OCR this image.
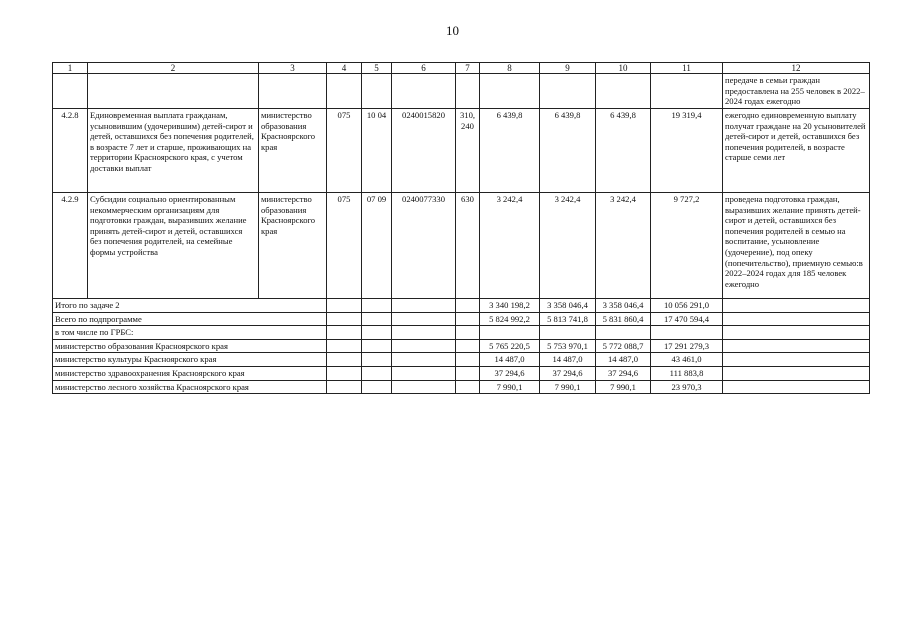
10
1	2	3	4	5	6	7	8	9	10	11	12
											передаче в семьи граждан предоставлена на 255 человек в 2022–2024 годах ежегодно
4.2.8	Единовременная выплата гражданам, усыновившим (удочерившим) детей-сирот и детей, оставшихся без попечения родителей, в возрасте 7 лет и старше, проживающих на территории Красноярского края, с учетом доставки выплат	министерство образования Красноярского края	075	10 04	0240015820	310, 240	6 439,8	6 439,8	6 439,8	19 319,4	ежегодно единовременную выплату получат граждане на 20 усыновителей детей-сирот и детей, оставшихся без попечения родителей, в возрасте старше семи лет
4.2.9	Субсидии социально ориентированным некоммерческим организациям для подготовки граждан, выразивших желание принять детей-сирот и детей, оставшихся без попечения родителей, на семейные формы устройства	министерство образования Красноярского края	075	07 09	0240077330	630	3 242,4	3 242,4	3 242,4	9 727,2	проведена подготовка граждан, выразивших желание принять детей-сирот и детей, оставшихся без попечения родителей в семью на воспитание, усыновление (удочерение), под опеку (попечительство), приемную семью:в 2022–2024 годах для 185 человек ежегодно
Итого по задаче 2							3 340 198,2	3 358 046,4	3 358 046,4	10 056 291,0	
Всего по подпрограмме							5 824 992,2	5 813 741,8	5 831 860,4	17 470 594,4	
в том числе по ГРБС:											
министерство образования Красноярского края							5 765 220,5	5 753 970,1	5 772 088,7	17 291 279,3	
министерство культуры Красноярского края							14 487,0	14 487,0	14 487,0	43 461,0	
министерство здравоохранения Красноярского края							37 294,6	37 294,6	37 294,6	111 883,8	
министерство лесного хозяйства Красноярского края							7 990,1	7 990,1	7 990,1	23 970,3	
